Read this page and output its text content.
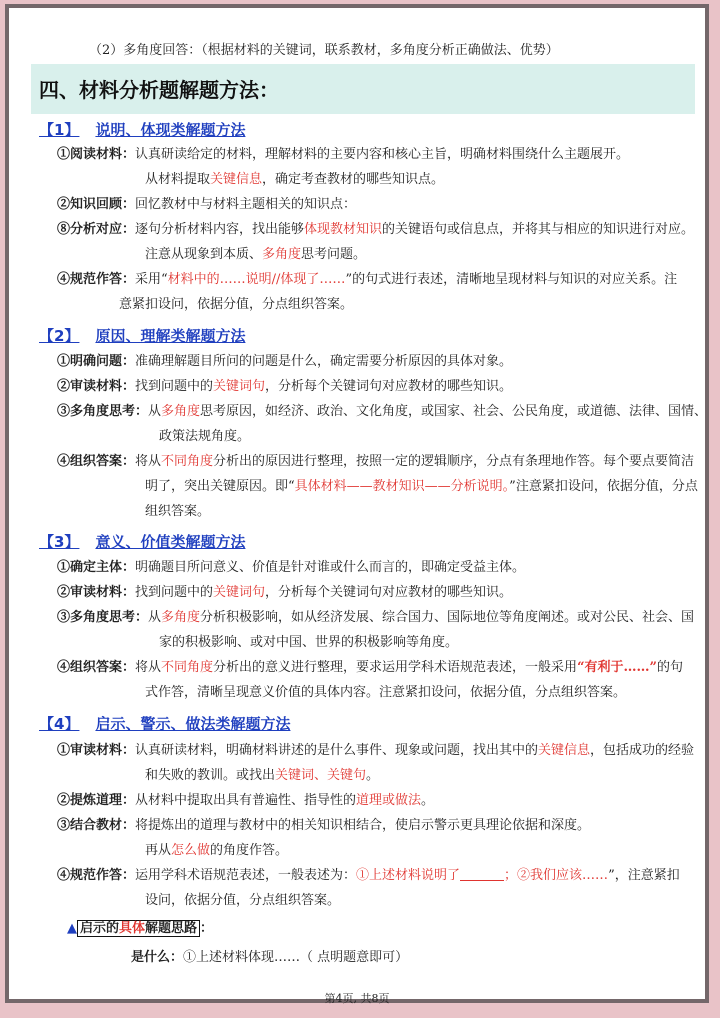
（2）多角度回答：（根据材料的关键词，联系教材，多角度分析正确做法、优势）
四、材料分析题解题方法：
【1】 说明、体现类解题方法
①阅读材料：认真研读给定的材料，理解材料的主要内容和核心主旨，明确材料围绕什么主题展开。
从材料提取关键信息，确定考查教材的哪些知识点。
②知识回顾：回忆教材中与材料主题相关的知识点：
⑧分析对应：逐句分析材料内容，找出能够体现教材知识的关键语句或信息点，并将其与相应的知识进行对应。
注意从现象到本质、多角度思考问题。
④规范作答：采用“材料中的……说明//体现了……”的句式进行表述，清晰地呈现材料与知识的对应关系。注
意紧扣设问，依据分值，分点组织答案。
【2】 原因、理解类解题方法
①明确问题：准确理解题目所问的问题是什么，确定需要分析原因的具体对象。
②审读材料：找到问题中的关键词句，分析每个关键词句对应教材的哪些知识。
③多角度思考：从多角度思考原因，如经济、政治、文化角度，或国家、社会、公民角度，或道德、法律、国情、
政策法规角度。
④组织答案：将从不同角度分析出的原因进行整理，按照一定的逻辑顺序，分点有条理地作答。每个要点要简洁
明了，突出关键原因。即“具体材料——教材知识——分析说明。”注意紧扣设问，依据分值，分点
组织答案。
【3】 意义、价值类解题方法
①确定主体：明确题目所问意义、价值是针对谁或什么而言的，即确定受益主体。
②审读材料：找到问题中的关键词句，分析每个关键词句对应教材的哪些知识。
③多角度思考：从多角度分析积极影响，如从经济发展、综合国力、国际地位等角度阐述。或对公民、社会、国
家的积极影响、或对中国、世界的积极影响等角度。
④组织答案：将从不同角度分析出的意义进行整理，要求运用学科术语规范表述，一般采用“有利于……”的句
式作答，清晰呈现意义价值的具体内容。注意紧扣设问，依据分值，分点组织答案。
【4】 启示、警示、做法类解题方法
①审读材料：认真研读材料，明确材料讲述的是什么事件、现象或问题，找出其中的关键信息，包括成功的经验
和失败的教训。或找出关键词、关键句。
②提炼道理：从材料中提取出具有普遍性、指导性的道理或做法。
③结合教材：将提炼出的道理与教材中的相关知识相结合，使启示警示更具理论依据和深度。
再从怎么做的角度作答。
④规范作答：运用学科术语规范表述，一般表述为：①上述材料说明了	；②我们应该……”，注意紧扣
设问，依据分值，分点组织答案。
▲ 启示的具体解题思路 ：
是什么：①上述材料体现……（ 点明题意即可）
第4页, 共8页
